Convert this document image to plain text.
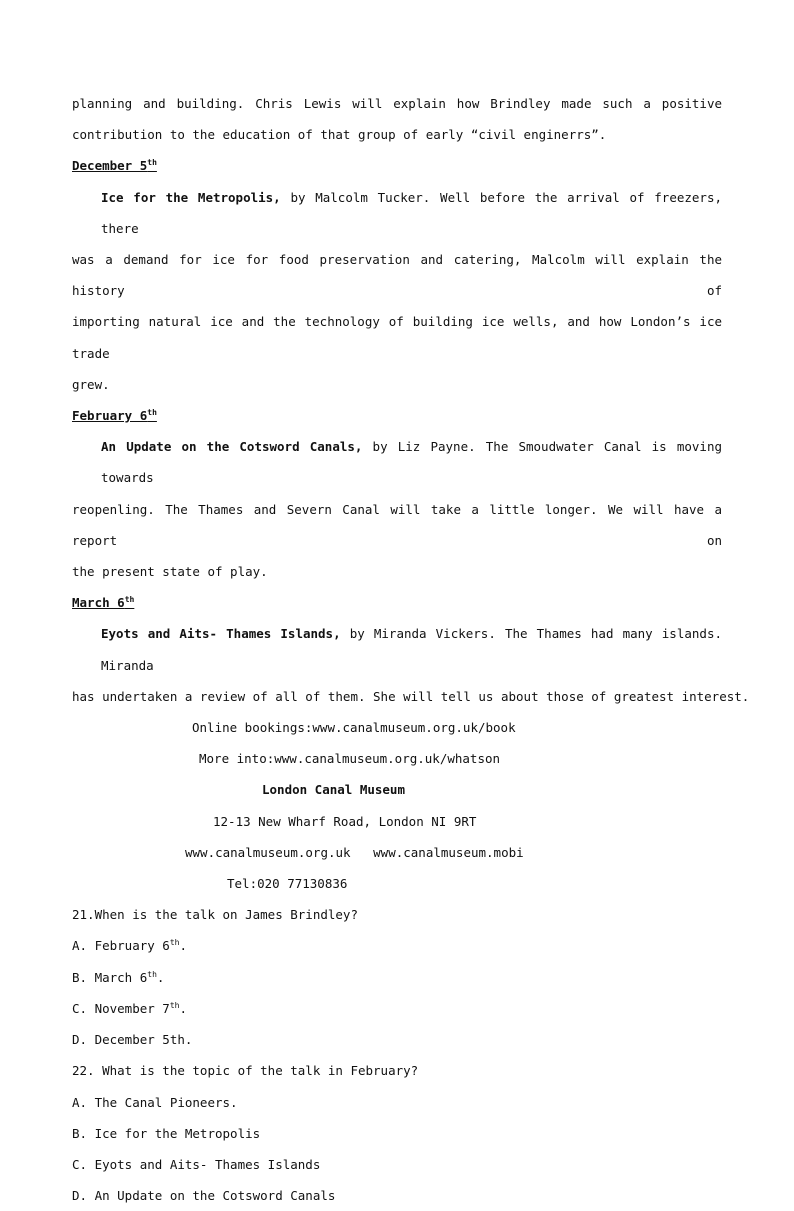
planning and building. Chris Lewis will explain how Brindley made such a positive
contribution to the education of that group of early “civil enginerrs”.
December 5th
Ice for the Metropolis, by Malcolm Tucker. Well before the arrival of freezers, there
was a demand for ice for food preservation and catering, Malcolm will explain the history of
importing natural ice and the technology of building ice wells, and how London’s ice trade
grew.
February 6th
An Update on the Cotsword Canals, by Liz Payne. The Smoudwater Canal is moving towards
reopenling. The Thames and Severn Canal will take a little longer. We will have a report on
the present state of play.
March 6th
Eyots and Aits- Thames Islands, by Miranda Vickers. The Thames had many islands. Miranda
has undertaken a review of all of them. She will tell us about those of greatest interest.
Online bookings:www.canalmuseum.org.uk/book
More into:www.canalmuseum.org.uk/whatson
London Canal Museum
12-13 New Wharf Road, London NI 9RT
www.canalmuseum.org.uk   www.canalmuseum.mobi
Tel:020 77130836
21.When is the talk on James Brindley?
A. February 6th.
B. March 6th.
C. November 7th.
D. December 5th.
22. What is the topic of the talk in February?
A. The Canal Pioneers.
B. Ice for the Metropolis
C. Eyots and Aits- Thames Islands
D. An Update on the Cotsword Canals
